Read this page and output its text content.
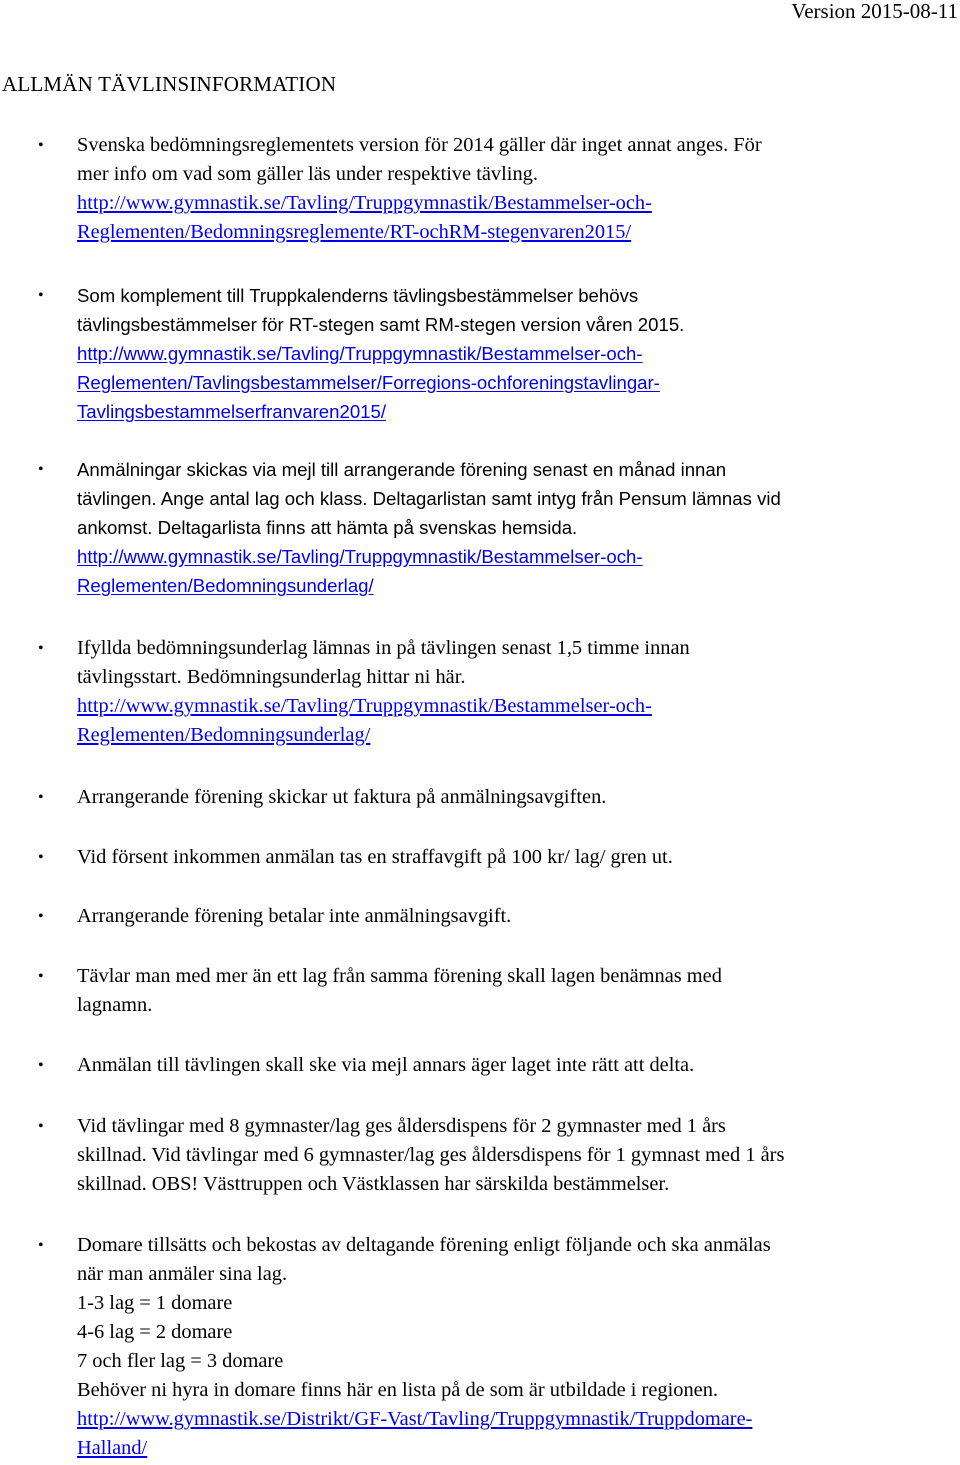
Version 2015-08-11
ALLMÄN TÄVLINSINFORMATION
• Svenska bedömningsreglementets version för 2014 gäller där inget annat anges. För
mer info om vad som gäller läs under respektive tävling.
http://www.gymnastik.se/Tavling/Truppgymnastik/Bestammelser-och-
Reglementen/Bedomningsreglemente/RT-ochRM-stegenvaren2015/
• Som komplement till Truppkalenderns tävlingsbestämmelser behövs
tävlingsbestämmelser för RT-stegen samt RM-stegen version våren 2015.
http://www.gymnastik.se/Tavling/Truppgymnastik/Bestammelser-och-
Reglementen/Tavlingsbestammelser/Forregions-ochforeningstavlingar-
Tavlingsbestammelserfranvaren2015/
• Anmälningar skickas via mejl till arrangerande förening senast en månad innan
tävlingen. Ange antal lag och klass. Deltagarlistan samt intyg från Pensum lämnas vid
ankomst. Deltagarlista finns att hämta på svenskas hemsida.
http://www.gymnastik.se/Tavling/Truppgymnastik/Bestammelser-och-
Reglementen/Bedomningsunderlag/
• Ifyllda bedömningsunderlag lämnas in på tävlingen senast 1,5 timme innan
tävlingsstart. Bedömningsunderlag hittar ni här.
http://www.gymnastik.se/Tavling/Truppgymnastik/Bestammelser-och-
Reglementen/Bedomningsunderlag/
• Arrangerande förening skickar ut faktura på anmälningsavgiften.
• Vid försent inkommen anmälan tas en straffavgift på 100 kr/ lag/ gren ut.
• Arrangerande förening betalar inte anmälningsavgift.
• Tävlar man med mer än ett lag från samma förening skall lagen benämnas med
lagnamn.
• Anmälan till tävlingen skall ske via mejl annars äger laget inte rätt att delta.
• Vid tävlingar med 8 gymnaster/lag ges åldersdispens för 2 gymnaster med 1 års
skillnad. Vid tävlingar med 6 gymnaster/lag ges åldersdispens för 1 gymnast med 1 års
skillnad. OBS! Västtruppen och Västklassen har särskilda bestämmelser.
• Domare tillsätts och bekostas av deltagande förening enligt följande och ska anmälas
när man anmäler sina lag.
1-3 lag = 1 domare
4-6 lag = 2 domare
7 och fler lag = 3 domare
Behöver ni hyra in domare finns här en lista på de som är utbildade i regionen.
http://www.gymnastik.se/Distrikt/GF-Vast/Tavling/Truppgymnastik/Truppdomare-
Halland/
